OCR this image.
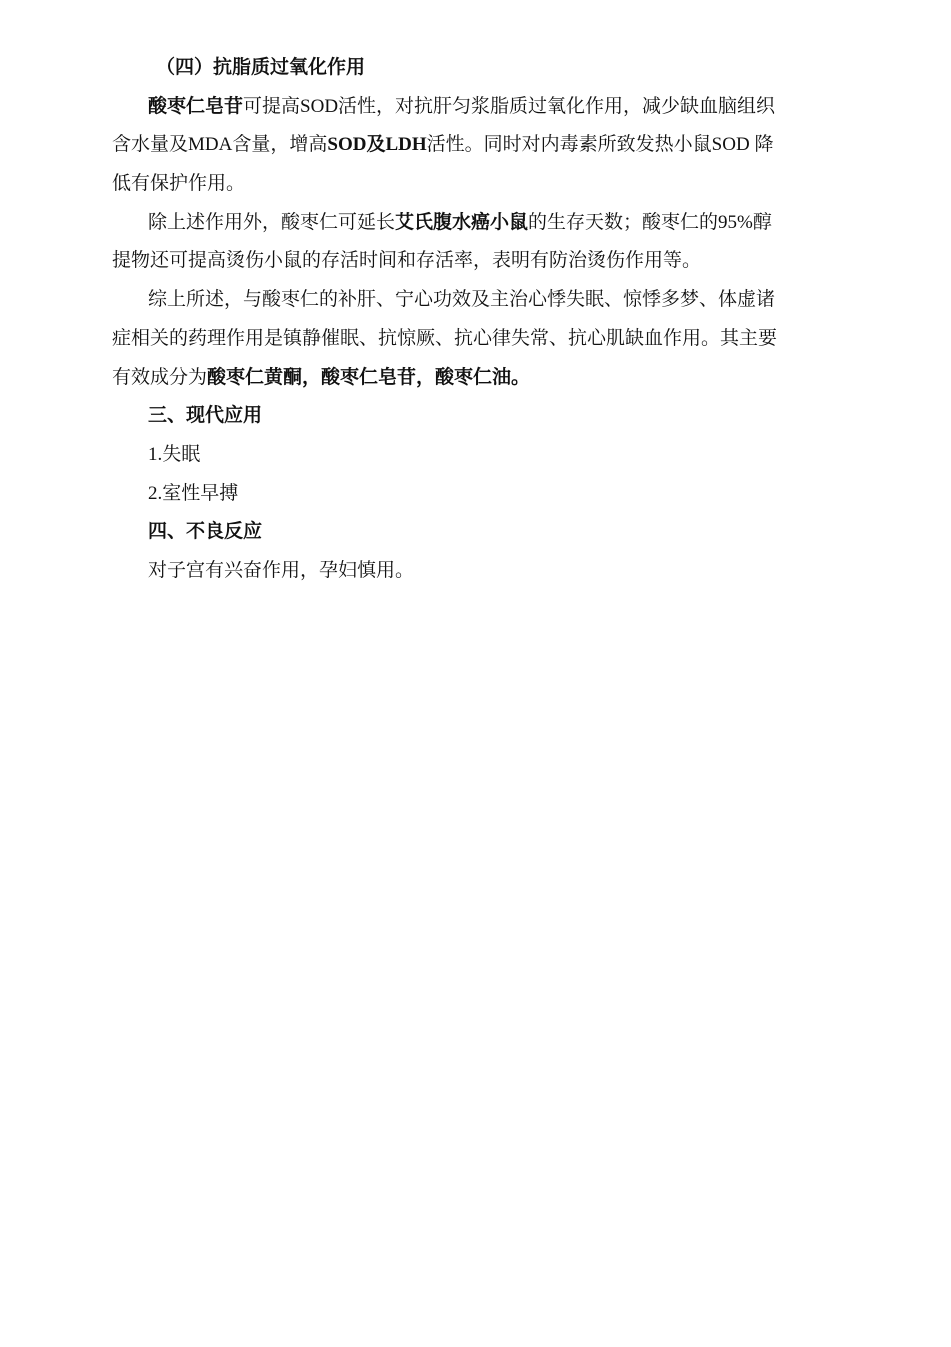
（四）抗脂质过氧化作用
酸枣仁皂苷可提高SOD活性，对抗肝匀浆脂质过氧化作用，减少缺血脑组织
含水量及MDA含量，增高SOD及LDH活性。同时对内毒素所致发热小鼠SOD 降
低有保护作用。
除上述作用外，酸枣仁可延长艾氏腹水癌小鼠的生存天数；酸枣仁的95%醇
提物还可提高烫伤小鼠的存活时间和存活率，表明有防治烫伤作用等。
综上所述，与酸枣仁的补肝、宁心功效及主治心悸失眠、惊悸多梦、体虚诸
症相关的药理作用是镇静催眠、抗惊厥、抗心律失常、抗心肌缺血作用。其主要
有效成分为酸枣仁黄酮，酸枣仁皂苷，酸枣仁油。
三、现代应用
1.失眠
2.室性早搏
四、不良反应
对子宫有兴奋作用，孕妇慎用。
